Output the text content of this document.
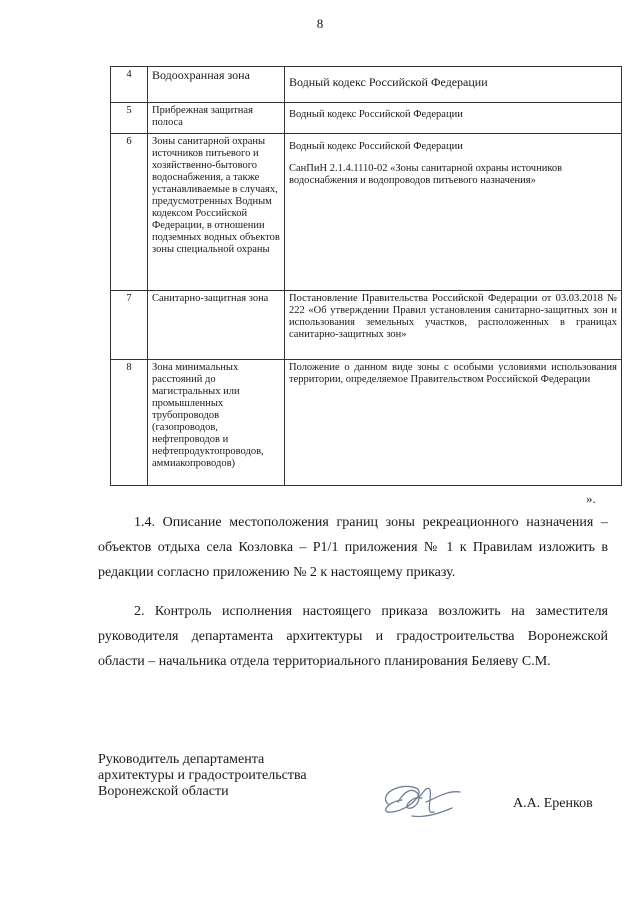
8
4	Водоохранная зона	Водный кодекс Российской Федерации
5	Прибрежная защитная полоса	Водный кодекс Российской Федерации
6	Зоны санитарной охраны источников питьевого и хозяйственно-бытового водоснабжения, а также устанавливаемые в случаях, предусмотренных Водным кодексом Российской Федерации, в отношении подземных водных объектов зоны специальной охраны	Водный кодекс Российской Федерации
СанПиН 2.1.4.1110-02 «Зоны санитарной охраны источников водоснабжения и водопроводов питьевого назначения»

7	Санитарно-защитная зона	Постановление Правительства Российской Федерации от 03.03.2018 № 222 «Об утверждении Правил установления санитарно-защитных зон и использования земельных участков, расположенных в границах санитарно-защитных зон»
8	Зона минимальных расстояний до магистральных или промышленных трубопроводов (газопроводов, нефтепроводов и нефтепродуктопроводов, аммиакопроводов)	Положение о данном виде зоны с особыми условиями использования территории, определяемое Правительством Российской Федерации
».
1.4. Описание местоположения границ зоны рекреационного назначения – объектов отдыха села Козловка – Р1/1 приложения № 1 к Правилам изложить в редакции согласно приложению № 2 к настоящему приказу.
2. Контроль исполнения настоящего приказа возложить на заместителя руководителя департамента архитектуры и градостроительства Воронежской области – начальника отдела территориального планирования Беляеву С.М.
Руководитель департамента
архитектуры и градостроительства
Воронежской области
А.А. Еренков
